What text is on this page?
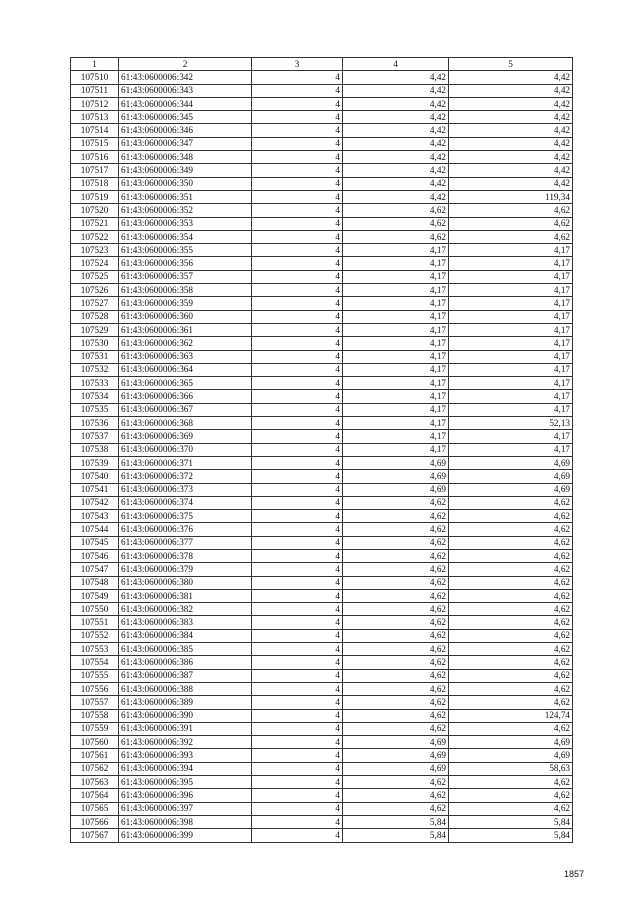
1	2	3	4	5
107510	61:43:0600006:342	4	4,42	4,42
107511	61:43:0600006:343	4	4,42	4,42
107512	61:43:0600006:344	4	4,42	4,42
107513	61:43:0600006:345	4	4,42	4,42
107514	61:43:0600006:346	4	4,42	4,42
107515	61:43:0600006:347	4	4,42	4,42
107516	61:43:0600006:348	4	4,42	4,42
107517	61:43:0600006:349	4	4,42	4,42
107518	61:43:0600006:350	4	4,42	4,42
107519	61:43:0600006:351	4	4,42	119,34
107520	61:43:0600006:352	4	4,62	4,62
107521	61:43:0600006:353	4	4,62	4,62
107522	61:43:0600006:354	4	4,62	4,62
107523	61:43:0600006:355	4	4,17	4,17
107524	61:43:0600006:356	4	4,17	4,17
107525	61:43:0600006:357	4	4,17	4,17
107526	61:43:0600006:358	4	4,17	4,17
107527	61:43:0600006:359	4	4,17	4,17
107528	61:43:0600006:360	4	4,17	4,17
107529	61:43:0600006:361	4	4,17	4,17
107530	61:43:0600006:362	4	4,17	4,17
107531	61:43:0600006:363	4	4,17	4,17
107532	61:43:0600006:364	4	4,17	4,17
107533	61:43:0600006:365	4	4,17	4,17
107534	61:43:0600006:366	4	4,17	4,17
107535	61:43:0600006:367	4	4,17	4,17
107536	61:43:0600006:368	4	4,17	52,13
107537	61:43:0600006:369	4	4,17	4,17
107538	61:43:0600006:370	4	4,17	4,17
107539	61:43:0600006:371	4	4,69	4,69
107540	61:43:0600006:372	4	4,69	4,69
107541	61:43:0600006:373	4	4,69	4,69
107542	61:43:0600006:374	4	4,62	4,62
107543	61:43:0600006:375	4	4,62	4,62
107544	61:43:0600006:376	4	4,62	4,62
107545	61:43:0600006:377	4	4,62	4,62
107546	61:43:0600006:378	4	4,62	4,62
107547	61:43:0600006:379	4	4,62	4,62
107548	61:43:0600006:380	4	4,62	4,62
107549	61:43:0600006:381	4	4,62	4,62
107550	61:43:0600006:382	4	4,62	4,62
107551	61:43:0600006:383	4	4,62	4,62
107552	61:43:0600006:384	4	4,62	4,62
107553	61:43:0600006:385	4	4,62	4,62
107554	61:43:0600006:386	4	4,62	4,62
107555	61:43:0600006:387	4	4,62	4,62
107556	61:43:0600006:388	4	4,62	4,62
107557	61:43:0600006:389	4	4,62	4,62
107558	61:43:0600006:390	4	4,62	124,74
107559	61:43:0600006:391	4	4,62	4,62
107560	61:43:0600006:392	4	4,69	4,69
107561	61:43:0600006:393	4	4,69	4,69
107562	61:43:0600006:394	4	4,69	58,63
107563	61:43:0600006:395	4	4,62	4,62
107564	61:43:0600006:396	4	4,62	4,62
107565	61:43:0600006:397	4	4,62	4,62
107566	61:43:0600006:398	4	5,84	5,84
107567	61:43:0600006:399	4	5,84	5,84
1857
